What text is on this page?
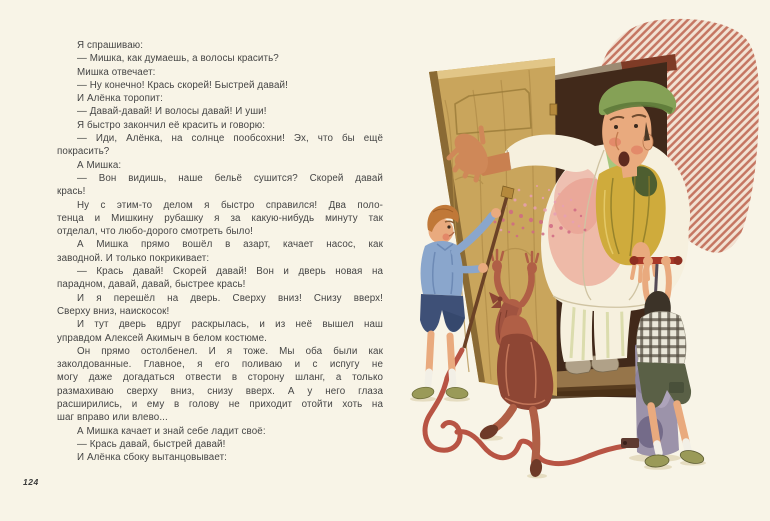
Я спрашиваю:
— Мишка, как думаешь, а волосы красить?
Мишка отвечает:
— Ну конечно! Крась скорей! Быстрей давай!
И Алёнка торопит:
— Давай-давай! И волосы давай! И уши!
Я быстро закончил её красить и говорю:
— Иди, Алёнка, на солнце пообсохни! Эх, что бы ещё
покрасить?
А Мишка:
— Вон видишь, наше бельё сушится? Скорей давай
крась!
Ну с этим-то делом я быстро справился! Два поло-
тенца и Мишкину рубашку я за какую-нибудь минуту так
отделал, что любо-дорого смотреть было!
А Мишка прямо вошёл в азарт, качает насос, как
заводной. И только покрикивает:
— Крась давай! Скорей давай! Вон и дверь новая на
парадном, давай, давай, быстрее крась!
И я перешёл на дверь. Сверху вниз! Снизу вверх!
Сверху вниз, наискосок!
И тут дверь вдруг раскрылась, и из неё вышел наш
управдом Алексей Акимыч в белом костюме.
Он прямо остолбенел. И я тоже. Мы оба были как
заколдованные. Главное, я его поливаю и с испугу не
могу даже догадаться отвести в сторону шланг, а только
размахиваю сверху вниз, снизу вверх. А у него глаза
расширились, и ему в голову не приходит отойти хоть на
шаг вправо или влево...
А Мишка качает и знай себе ладит своё:
— Крась давай, быстрей давай!
И Алёнка сбоку вытанцовывает:
124
